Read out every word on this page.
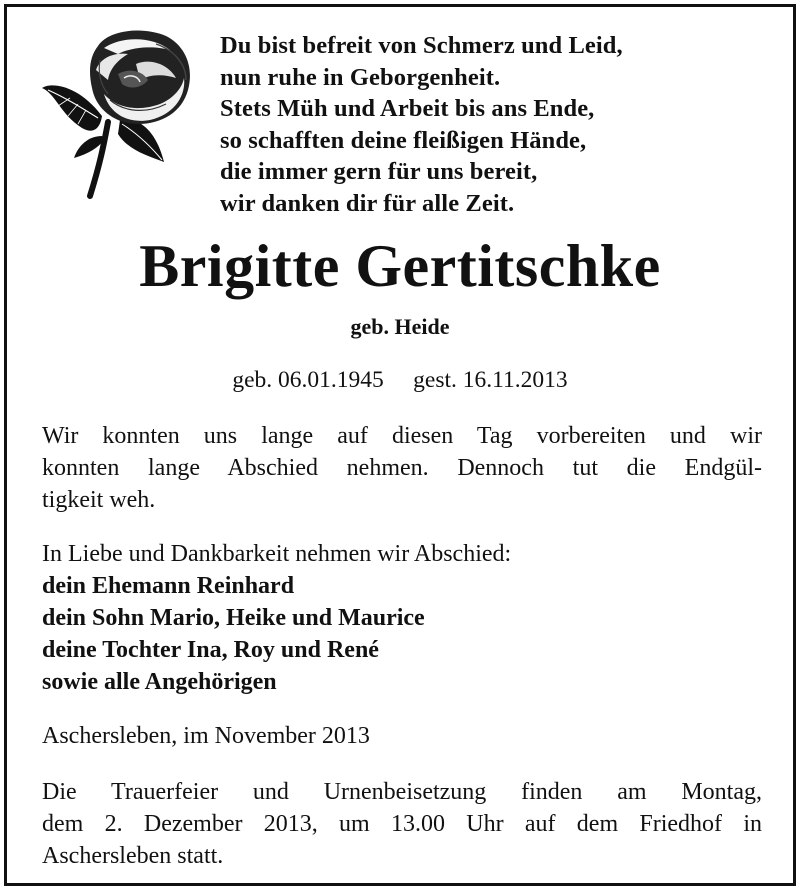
Du bist befreit von Schmerz und Leid,
nun ruhe in Geborgenheit.
Stets Müh und Arbeit bis ans Ende,
so schafften deine fleißigen Hände,
die immer gern für uns bereit,
wir danken dir für alle Zeit.
Brigitte Gertitschke
geb. Heide
geb. 06.01.1945 gest. 16.11.2013
Wir konnten uns lange auf diesen Tag vorbereiten und wir
konnten lange Abschied nehmen. Dennoch tut die Endgül-
tigkeit weh.
In Liebe und Dankbarkeit nehmen wir Abschied:
dein Ehemann Reinhard
dein Sohn Mario, Heike und Maurice
deine Tochter Ina, Roy und René
sowie alle Angehörigen
Aschersleben, im November 2013
Die Trauerfeier und Urnenbeisetzung finden am Montag,
dem 2. Dezember 2013, um 13.00 Uhr auf dem Friedhof in
Aschersleben statt.
